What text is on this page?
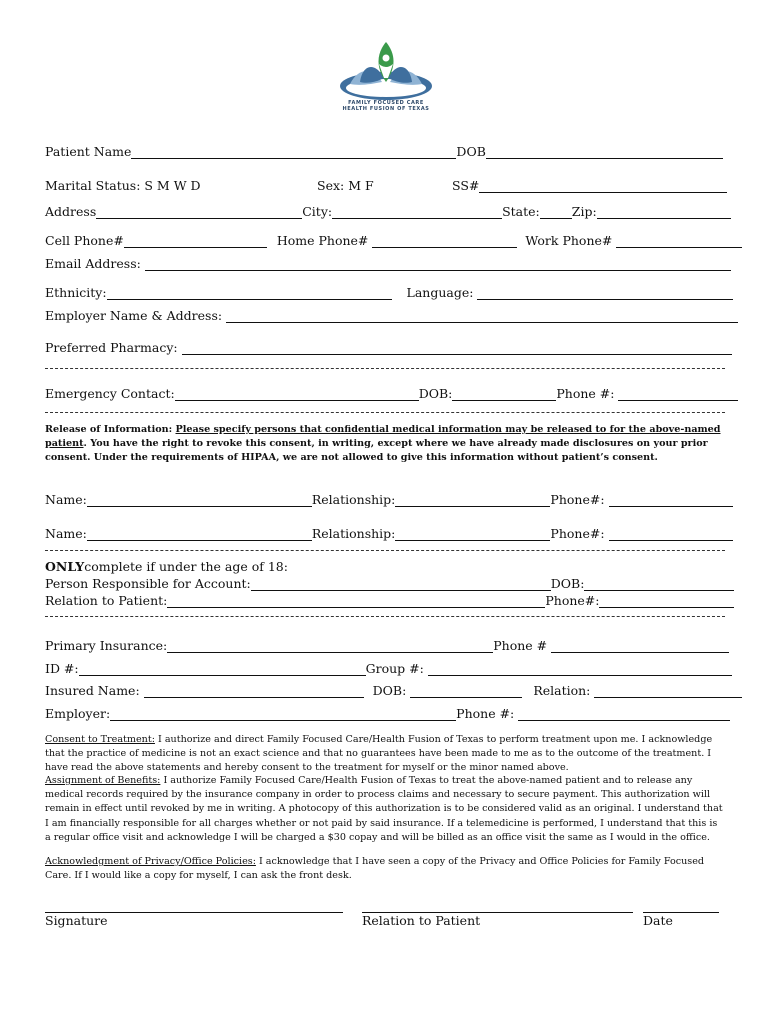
FAMILY FOCUSED CARE
HEALTH FUSION OF TEXAS
Patient Name	DOB
Marital Status: S M W D	Sex: M F	SS#
Address	City:	State:	Zip:
Cell Phone#	Home Phone#	Work Phone#
Email Address:
Ethnicity:	Language:
Employer Name & Address:
Preferred Pharmacy:
Emergency Contact:	DOB:	Phone #:
Release of Information: Please specify persons that confidential medical information may be released to for the above-named patient. You have the right to revoke this consent, in writing, except where we have already made disclosures on your prior consent. Under the requirements of HIPAA, we are not allowed to give this information without patient’s consent.
Name:	Relationship:	Phone#:
Name:	Relationship:	Phone#:
ONLY complete if under the age of 18:
Person Responsible for Account:	DOB:
Relation to Patient:	Phone#:
Primary Insurance:	Phone #
ID #:	Group #:
Insured Name:	DOB:	Relation:
Employer:	Phone #:
Consent to Treatment: I authorize and direct Family Focused Care/Health Fusion of Texas to perform treatment upon me. I acknowledge that the practice of medicine is not an exact science and that no guarantees have been made to me as to the outcome of the treatment. I have read the above statements and hereby consent to the treatment for myself or the minor named above.
Assignment of Benefits: I authorize Family Focused Care/Health Fusion of Texas to treat the above-named patient and to release any medical records required by the insurance company in order to process claims and necessary to secure payment. This authorization will remain in effect until revoked by me in writing. A photocopy of this authorization is to be considered valid as an original. I understand that I am financially responsible for all charges whether or not paid by said insurance. If a telemedicine is performed, I understand that this is a regular office visit and acknowledge I will be charged a $30 copay and will be billed as an office visit the same as I would in the office.
Acknowledgment of Privacy/Office Policies: I acknowledge that I have seen a copy of the Privacy and Office Policies for Family Focused Care. If I would like a copy for myself, I can ask the front desk.
Signature	Relation to Patient	Date
